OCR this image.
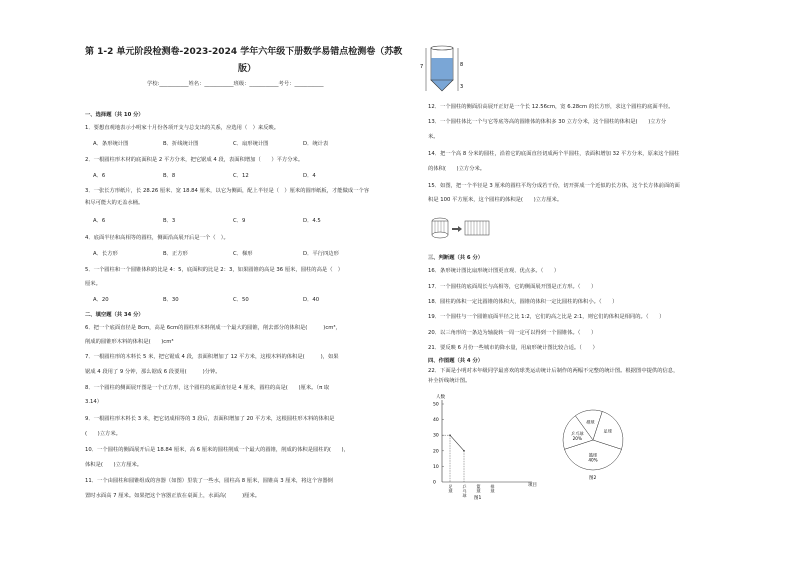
第 1-2 单元阶段检测卷-2023-2024 学年六年级下册数学易错点检测卷（苏教
版）
学校:___________姓名：___________班级：___________考号：___________
一、选择题（共 10 分）
1．要想直观地表示小明家十月份各项开支与总支出的关系，应选用（　）来反映。
A．条形统计图	B．折线统计图	C．扇形统计图	D．统计表
2．一根圆柱形木材的底面积是 2 平方分米，把它锯成 4 段，表面积增加（　　）平方分米。
A．6	B．8	C．12	D．4
3．一张长方形纸片，长 28.26 厘米、宽 18.84 厘米，以它为侧面，配上半径是（　）厘米的圆形纸板，才能做成一个容
积尽可能大的无盖水桶。
A．6	B．3	C．9	D．4.5
4．底面半径和高相等的圆柱，侧面沿高展开后是一个（　）。
A．长方形	B．正方形	C．梯形	D．平行四边形
5．一个圆柱和一个圆锥体积的比是 4：5，底面积的比是 2：3，如果圆锥的高是 36 厘米，圆柱的高是（　）
厘米。
A．20	B．30	C．50	D．40
二、填空题（共 34 分）
6．把一个底面直径是 8cm，高是 6cm的圆柱形木料削成一个最大的圆锥，削去部分的体积是(　　　)cm³，
削成的圆锥形木料的体积是(　　)cm³
7．一根圆柱形的木料长 5 米，把它锯成 4 段，表面积增加了 12 平方米，这根木料的体积是(　　　)，如果
锯成 4 段用了 9 分钟，那么锯成 6 段要用(　　　)分钟。
8．一个圆柱的侧面展开图是一个正方形，这个圆柱的底面直径是 4 厘米，圆柱的高是(　　)厘米。（π 取
3.14）
9．一根圆柱形木料长 3 米，把它切成相等的 3 段后，表面积增加了 20 平方米，这根圆柱形木料的体积是
(　　)立方米。
10．一个圆柱的侧面展开后是 18.84 厘米，高 6 厘米的圆柱削成一个最大的圆锥，削成的体积是圆柱的(　　)，
体积是(　　)立方厘米。
11．一个由圆柱和圆锥组成的容器（如图）里装了一些水，圆柱高 8 厘米，圆锥高 3 厘米，将这个容器倒
置时水面高 7 厘米。如果把这个容器正放在桌面上，水面高(　　　)厘米。
7	8
3
12．一个圆柱的侧面沿高展开正好是一个长 12.56cm，宽 6.28cm 的长方形，求这个圆柱的底面半径。
13．一个圆柱体比一个与它等底等高的圆锥体的体积多 30 立方分米，这个圆柱的体积是(　　)立方分
米。
14．把一个高 8 分米的圆柱，沿着它的底面直径切成两个半圆柱，表面积增加 32 平方分米，原来这个圆柱
的体积(　　)立方分米。
15．如图，把一个半径是 3 厘米的圆柱平均分成若干份，切开拼成一个近似的长方体，这个长方体前面的面
积是 100 平方厘米，这个圆柱的体积是(　　)立方厘米。
三、判断题（共 6 分）
16．条形统计图比扇形统计图更直观、优点多。（　　）
17．一个圆柱的底面周长与高相等，它的侧面展开图是正方形。（　　）
18．圆柱的体积一定比圆锥的体积大，圆锥的体积一定比圆柱的体积小。（　　）
19．一个圆柱与一个圆锥底面半径之比 1:2，它们的高之比是 2:1，则它们的体积是相同的。（　　）
20．以三角形的一条边为轴旋转一周一定可以得到一个圆锥体。（　　）
21．要反映 6 月份一些城市的降水量，用扇形统计图比较合适。（　　）
四、作图题（共 4 分）
22．下面是小明对本年级同学最喜欢的球类运动统计后制作的两幅不完整的统计图。根据图中提供的信息，
补全折线统计图。
人数
项目
0
10
20
30
40
50
足球
乒乓球
篮球
排球
图1
篮球 40%
乒乓球 20%
排球
足球
图2
